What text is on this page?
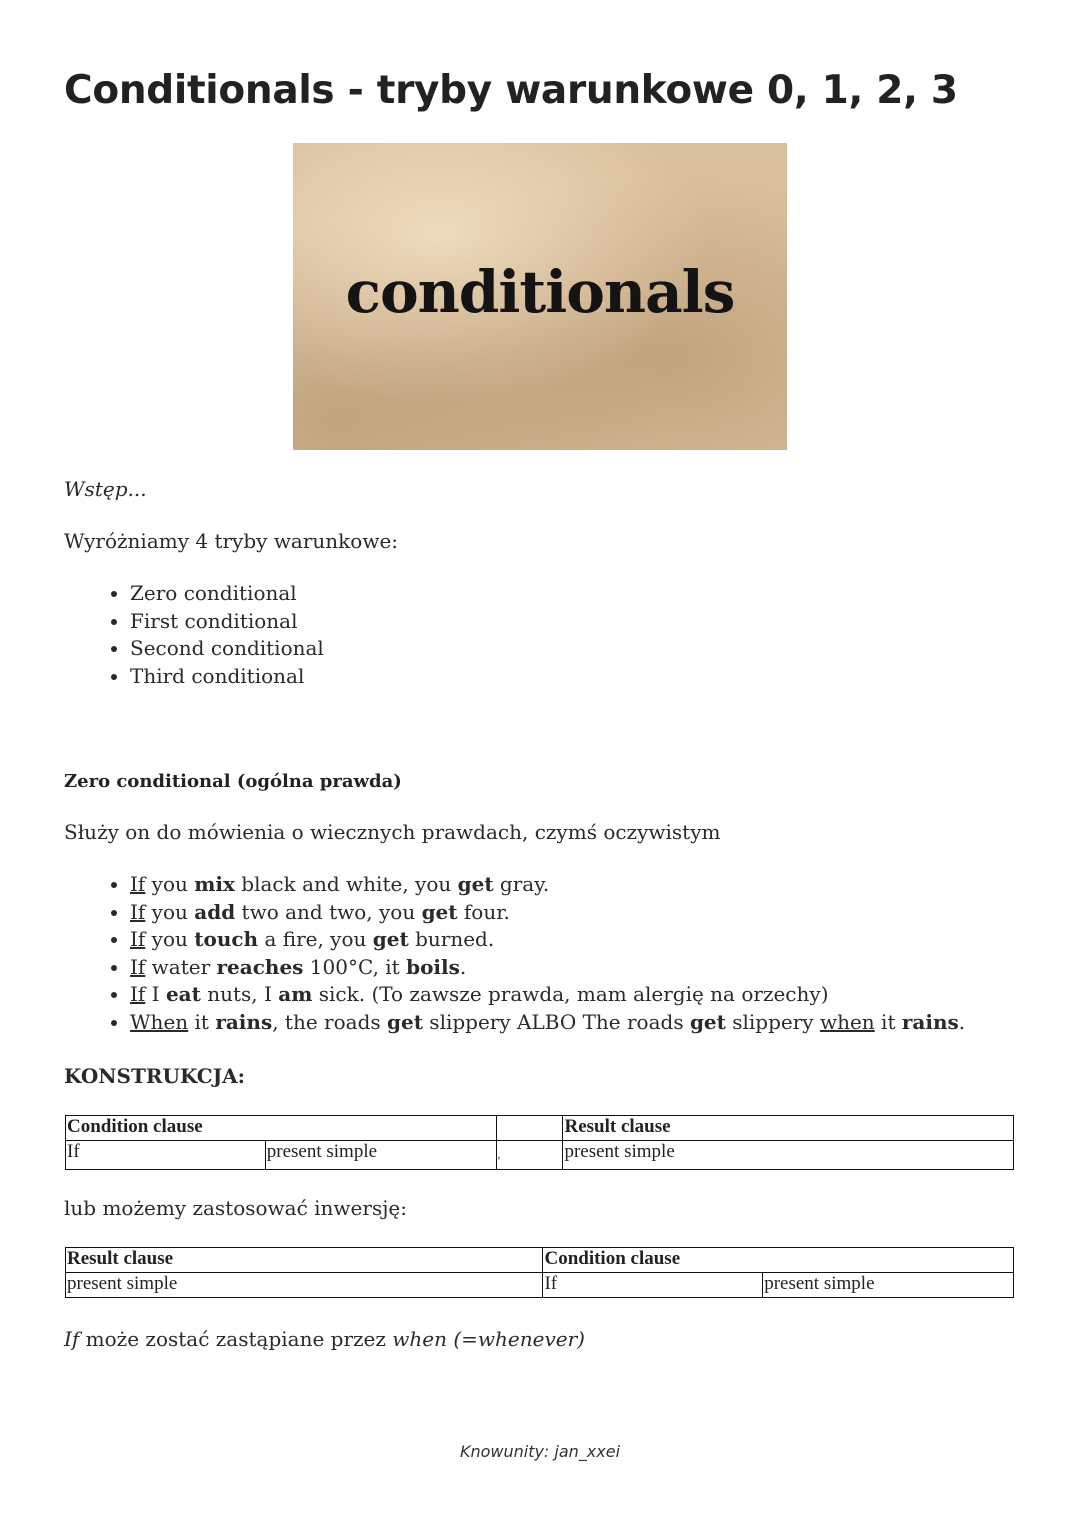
Conditionals - tryby warunkowe 0, 1, 2, 3
conditionals

Wstęp...

Wyróżniamy 4 tryby warunkowe:

• Zero conditional
• First conditional
• Second conditional
• Third conditional
Zero conditional (ogólna prawda)

Służy on do mówienia o wiecznych prawdach, czymś oczywistym

• If you mix black and white, you get gray.
• If you add two and two, you get four.
• If you touch a fire, you get burned.
• If water reaches 100°C, it boils.
• If I eat nuts, I am sick. (To zawsze prawda, mam alergię na orzechy)
• When it rains, the roads get slippery ALBO The roads get slippery when it rains.

KONSTRUKCJA:

Condition clause			Result clause
If	present simple	,	present simple

lub możemy zastosować inwersję:

Result clause	Condition clause	
present simple	If	present simple

If może zostać zastąpiane przez when (=whenever)

Knowunity: jan_xxei
